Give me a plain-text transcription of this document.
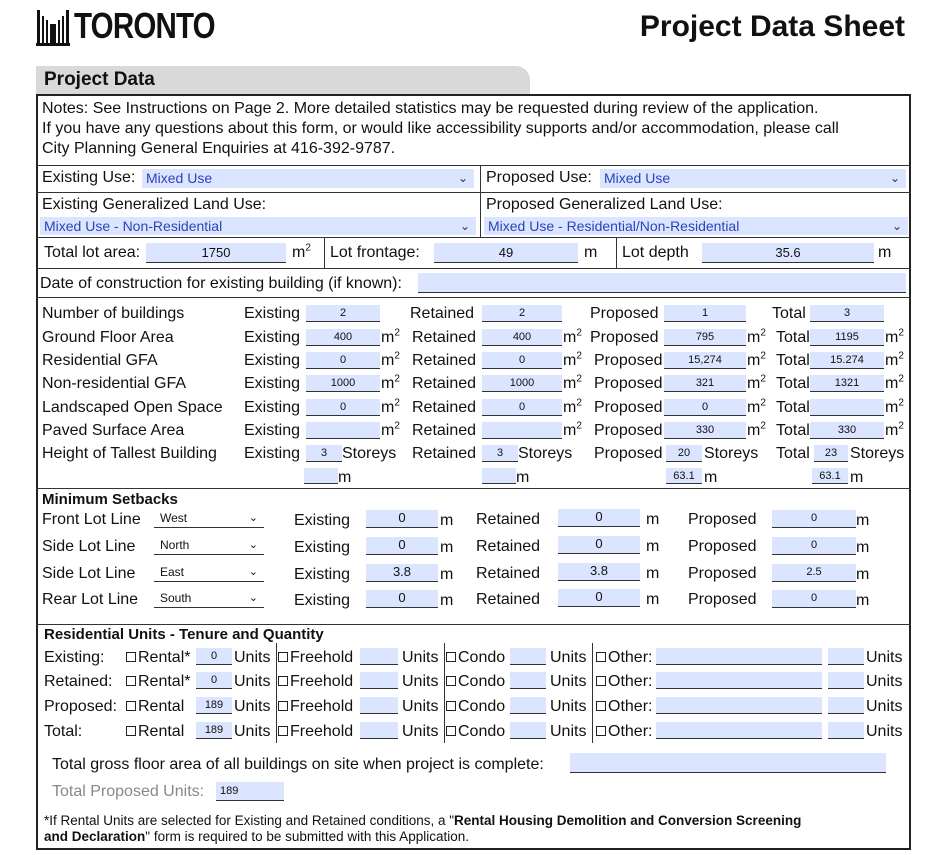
TORONTO	Project Data Sheet
Project Data
Notes: See Instructions on Page 2. More detailed statistics may be requested during review of the application.
If you have any questions about this form, or would like accessibility supports and/or accommodation, please call
City Planning General Enquiries at 416-392-9787.
Existing Use: Mixed Use	⌄ Proposed Use: Mixed Use	⌄
Existing Generalized Land Use:
Mixed Use - Non-Residential	⌄
Proposed Generalized Land Use:
Mixed Use - Residential/Non-Residential	⌄
Total lot area:	1750	$m^2$ Lot frontage:	49	m Lot depth	35.6	m
Date of construction for existing building (if known):
Number of buildings	Existing	2	Retained	2	Proposed	1	Total	3
Ground Floor Area	Existing	400	Retained	400	Proposed	795	Total	1195
$m^2$	$m^2$	$m^2$	$m^2$
Residential GFA	Existing	0	Retained	0	Proposed	15,274	Total	15.274
$m^2$	$m^2$	$m^2$	$m^2$
Non-residential GFA	Existing	1000	Retained	1000	Proposed	321	Total	1321
$m^2$	$m^2$	$m^2$	$m^2$
Landscaped Open Space Existing	0	Retained	0	Proposed	0	Total
$m^2$	$m^2$	$m^2$	$m^2$
Paved Surface Area	Existing	Retained	Proposed	330	Total	330
$m^2$	$m^2$	$m^2$	$m^2$
Height of Tallest Building Existing	3	Retained	3	Proposed	20	Total	23
Storeys	Storeys	Storeys	Storeys
m	m	63.1 m	63.1 m
Minimum Setbacks
Front Lot Line	West	⌄ Existing	0	m Retained	0	m Proposed	0	m
Side Lot Line	North	⌄ Existing	0	m Retained	0	m Proposed	0	m
Side Lot Line	East	⌄ Existing	3.8	m Retained	3.8	m Proposed	2.5	m
Rear Lot Line	South	⌄ Existing	0	m Retained	0	m Proposed	0	m
Residential Units - Tenure and Quantity
Existing:	Rental*	0	Units	Freehold	Units	Condo	Units	Other:	Units
Retained:	Rental*	0	Units	Freehold	Units	Condo	Units	Other:	Units
Proposed:	Rental	189 Units	Freehold	Units	Condo	Units	Other:	Units
Total:	Rental	189 Units	Freehold	Units	Condo	Units	Other:	Units
Total gross floor area of all buildings on site when project is complete:
Total Proposed Units:	189
*If Rental Units are selected for Existing and Retained conditions, a "Rental Housing Demolition and Conversion Screening
and Declaration" form is required to be submitted with this Application.
